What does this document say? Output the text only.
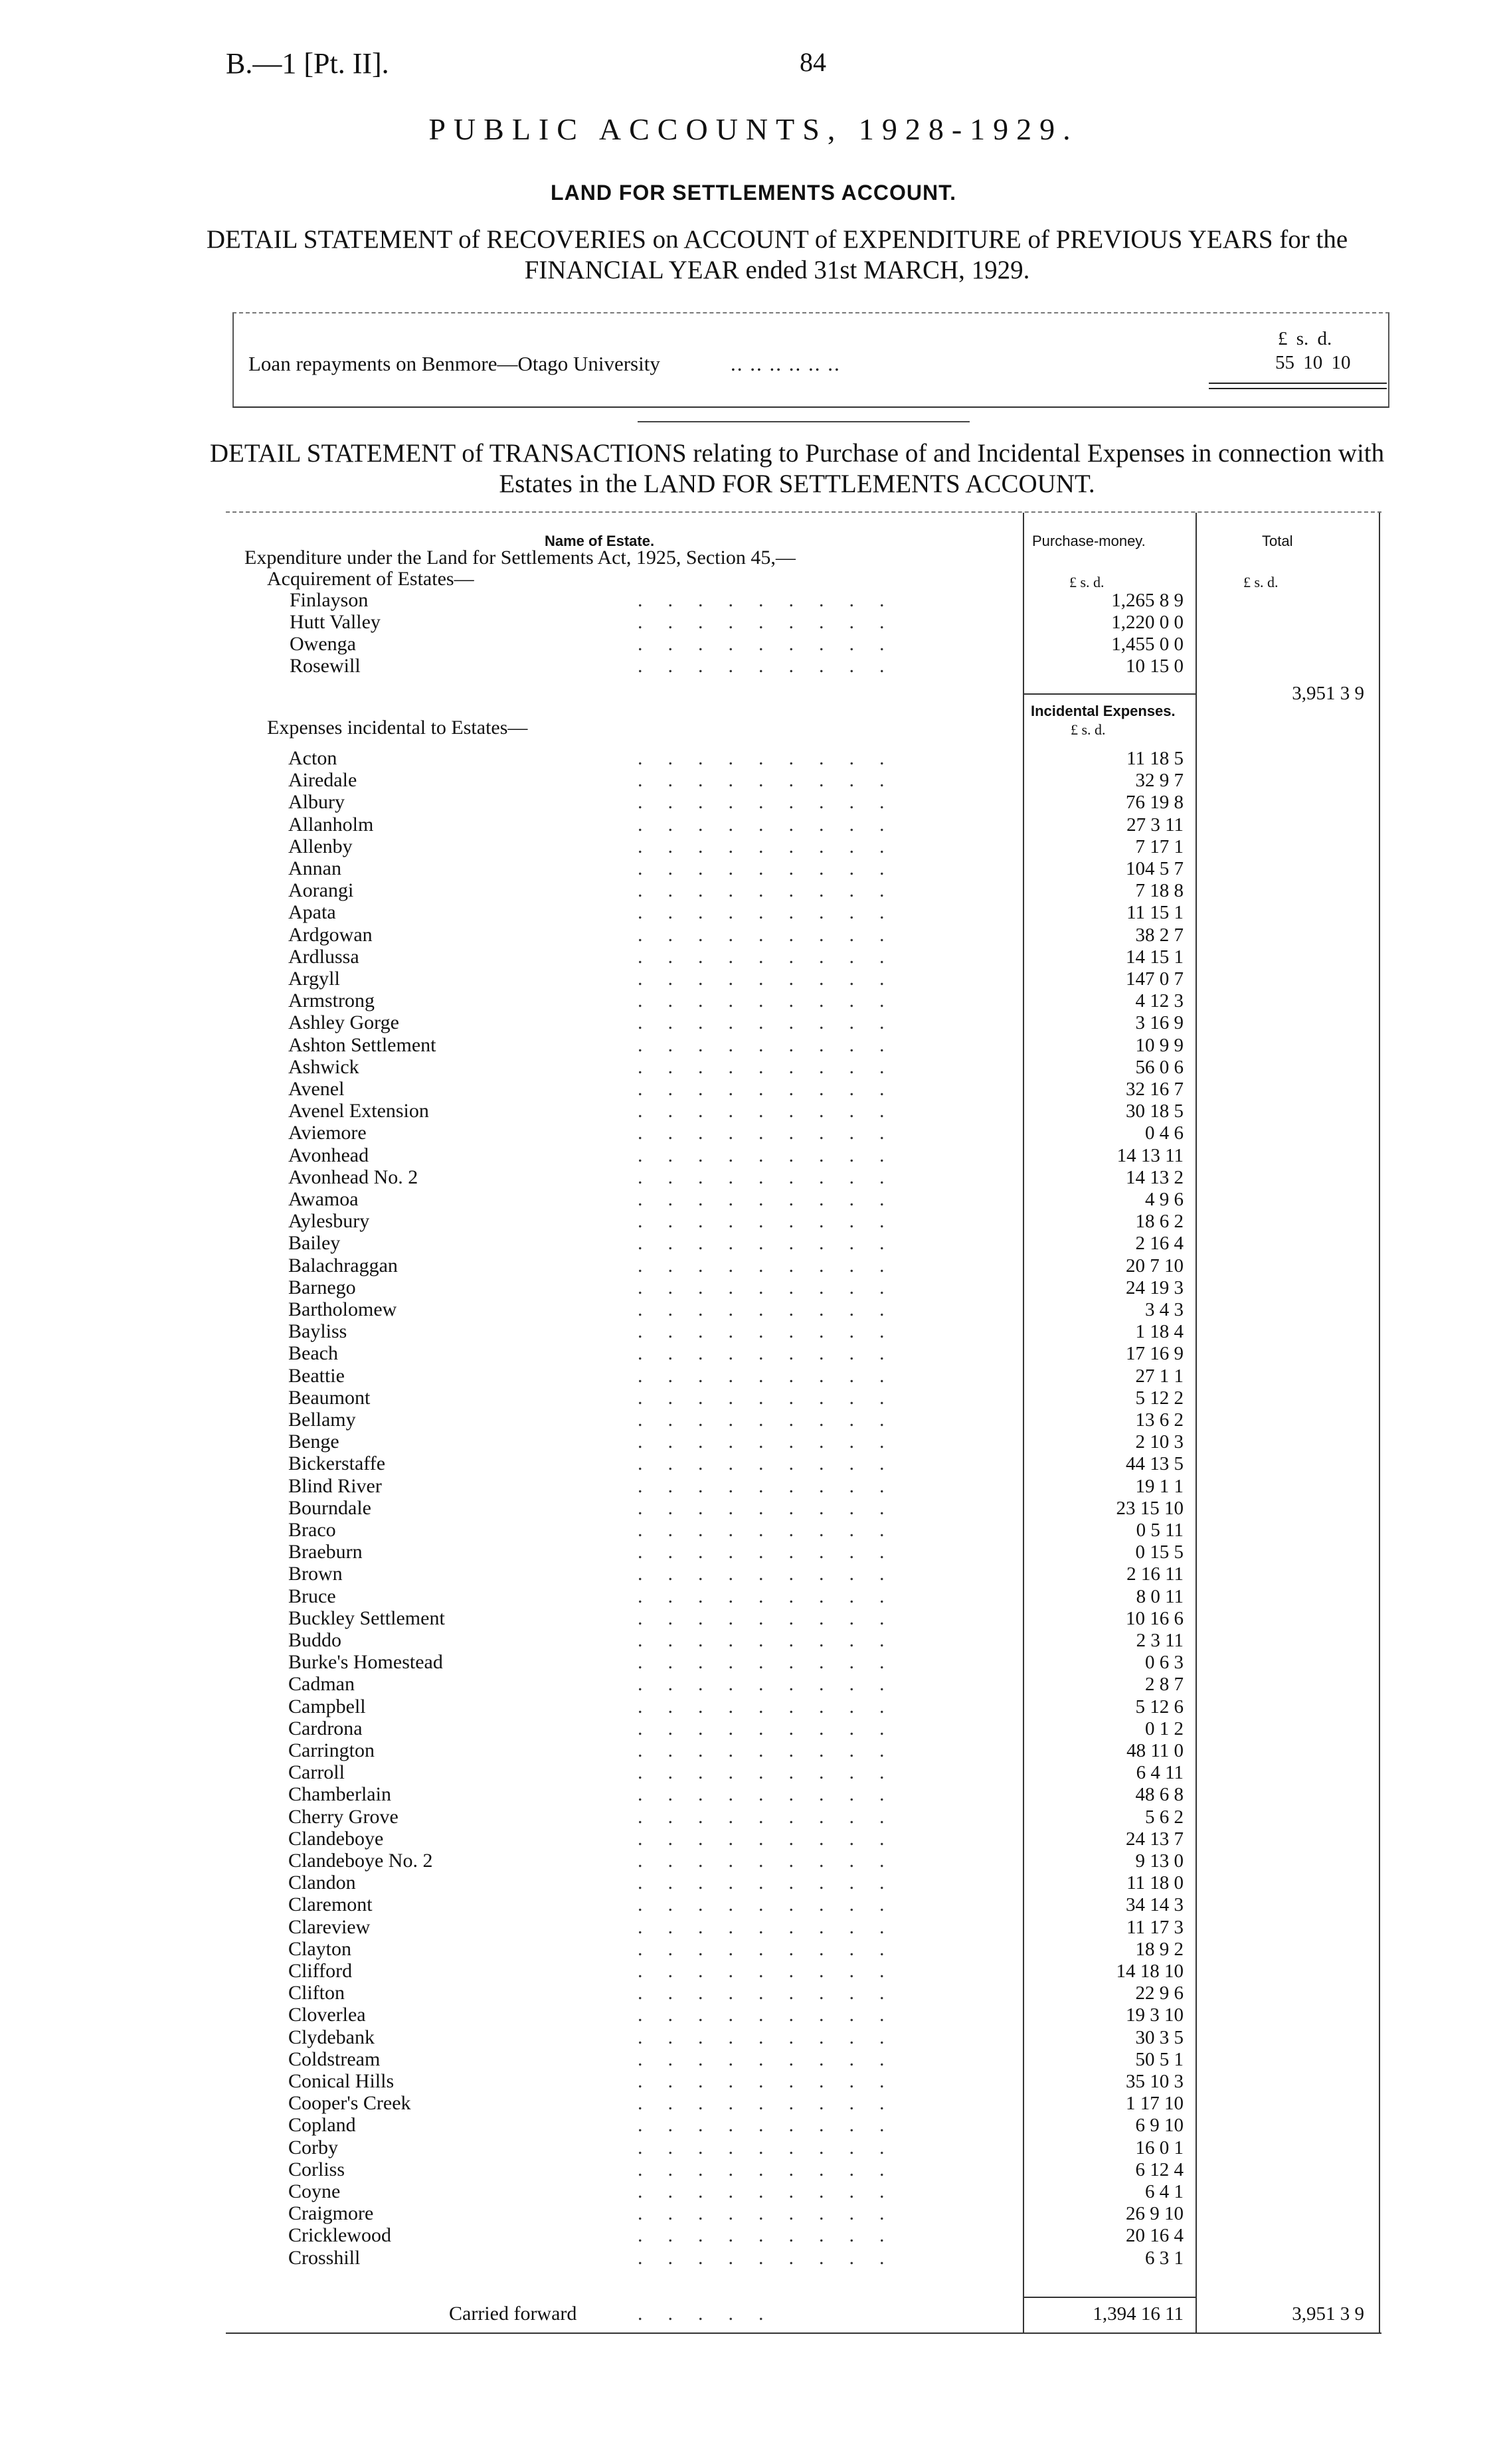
B.—1 [Pt. II].	84
PUBLIC ACCOUNTS, 1928-1929.
LAND FOR SETTLEMENTS ACCOUNT.
DETAIL STATEMENT of RECOVERIES on ACCOUNT of EXPENDITURE of PREVIOUS YEARS for the FINANCIAL YEAR ended 31st MARCH, 1929.
£ s. d.
Loan repayments on Benmore—Otago University	.. .. .. .. .. ..	55 10 10
DETAIL STATEMENT of TRANSACTIONS relating to Purchase of and Incidental Expenses in connection with Estates in the LAND FOR SETTLEMENTS ACCOUNT.
Name of Estate.	Purchase-money.	Total
Expenditure under the Land for Settlements Act, 1925, Section 45,—
Acquirement of Estates—	£ s. d.	£ s. d.
Finlayson	.........	1,265 8 9
Hutt Valley	.........	1,220 0 0
Owenga	.........	1,455 0 0
Rosewill	.........	10 15 0
3,951 3 9
Incidental Expenses.
Expenses incidental to Estates—	£ s. d.
Acton	.........	11 18 5
Airedale	.........	32 9 7
Albury	.........	76 19 8
Allanholm	.........	27 3 11
Allenby	.........	7 17 1
Annan	.........	104 5 7
Aorangi	.........	7 18 8
Apata	.........	11 15 1
Ardgowan	.........	38 2 7
Ardlussa	.........	14 15 1
Argyll	.........	147 0 7
Armstrong	.........	4 12 3
Ashley Gorge	.........	3 16 9
Ashton Settlement	.........	10 9 9
Ashwick	.........	56 0 6
Avenel	.........	32 16 7
Avenel Extension	.........	30 18 5
Aviemore	.........	0 4 6
Avonhead	.........	14 13 11
Avonhead No. 2	.........	14 13 2
Awamoa	.........	4 9 6
Aylesbury	.........	18 6 2
Bailey	.........	2 16 4
Balachraggan	.........	20 7 10
Barnego	.........	24 19 3
Bartholomew	.........	3 4 3
Bayliss	.........	1 18 4
Beach	.........	17 16 9
Beattie	.........	27 1 1
Beaumont	.........	5 12 2
Bellamy	.........	13 6 2
Benge	.........	2 10 3
Bickerstaffe	.........	44 13 5
Blind River	.........	19 1 1
Bourndale	.........	23 15 10
Braco	.........	0 5 11
Braeburn	.........	0 15 5
Brown	.........	2 16 11
Bruce	.........	8 0 11
Buckley Settlement	.........	10 16 6
Buddo	.........	2 3 11
Burke's Homestead	.........	0 6 3
Cadman	.........	2 8 7
Campbell	.........	5 12 6
Cardrona	.........	0 1 2
Carrington	.........	48 11 0
Carroll	.........	6 4 11
Chamberlain	.........	48 6 8
Cherry Grove	.........	5 6 2
Clandeboye	.........	24 13 7
Clandeboye No. 2	.........	9 13 0
Clandon	.........	11 18 0
Claremont	.........	34 14 3
Clareview	.........	11 17 3
Clayton	.........	18 9 2
Clifford	.........	14 18 10
Clifton	.........	22 9 6
Cloverlea	.........	19 3 10
Clydebank	.........	30 3 5
Coldstream	.........	50 5 1
Conical Hills	.........	35 10 3
Cooper's Creek	.........	1 17 10
Copland	.........	6 9 10
Corby	.........	16 0 1
Corliss	.........	6 12 4
Coyne	.........	6 4 1
Craigmore	.........	26 9 10
Cricklewood	.........	20 16 4
Crosshill	.........	6 3 1
Carried forward	.....	1,394 16 11	3,951 3 9
